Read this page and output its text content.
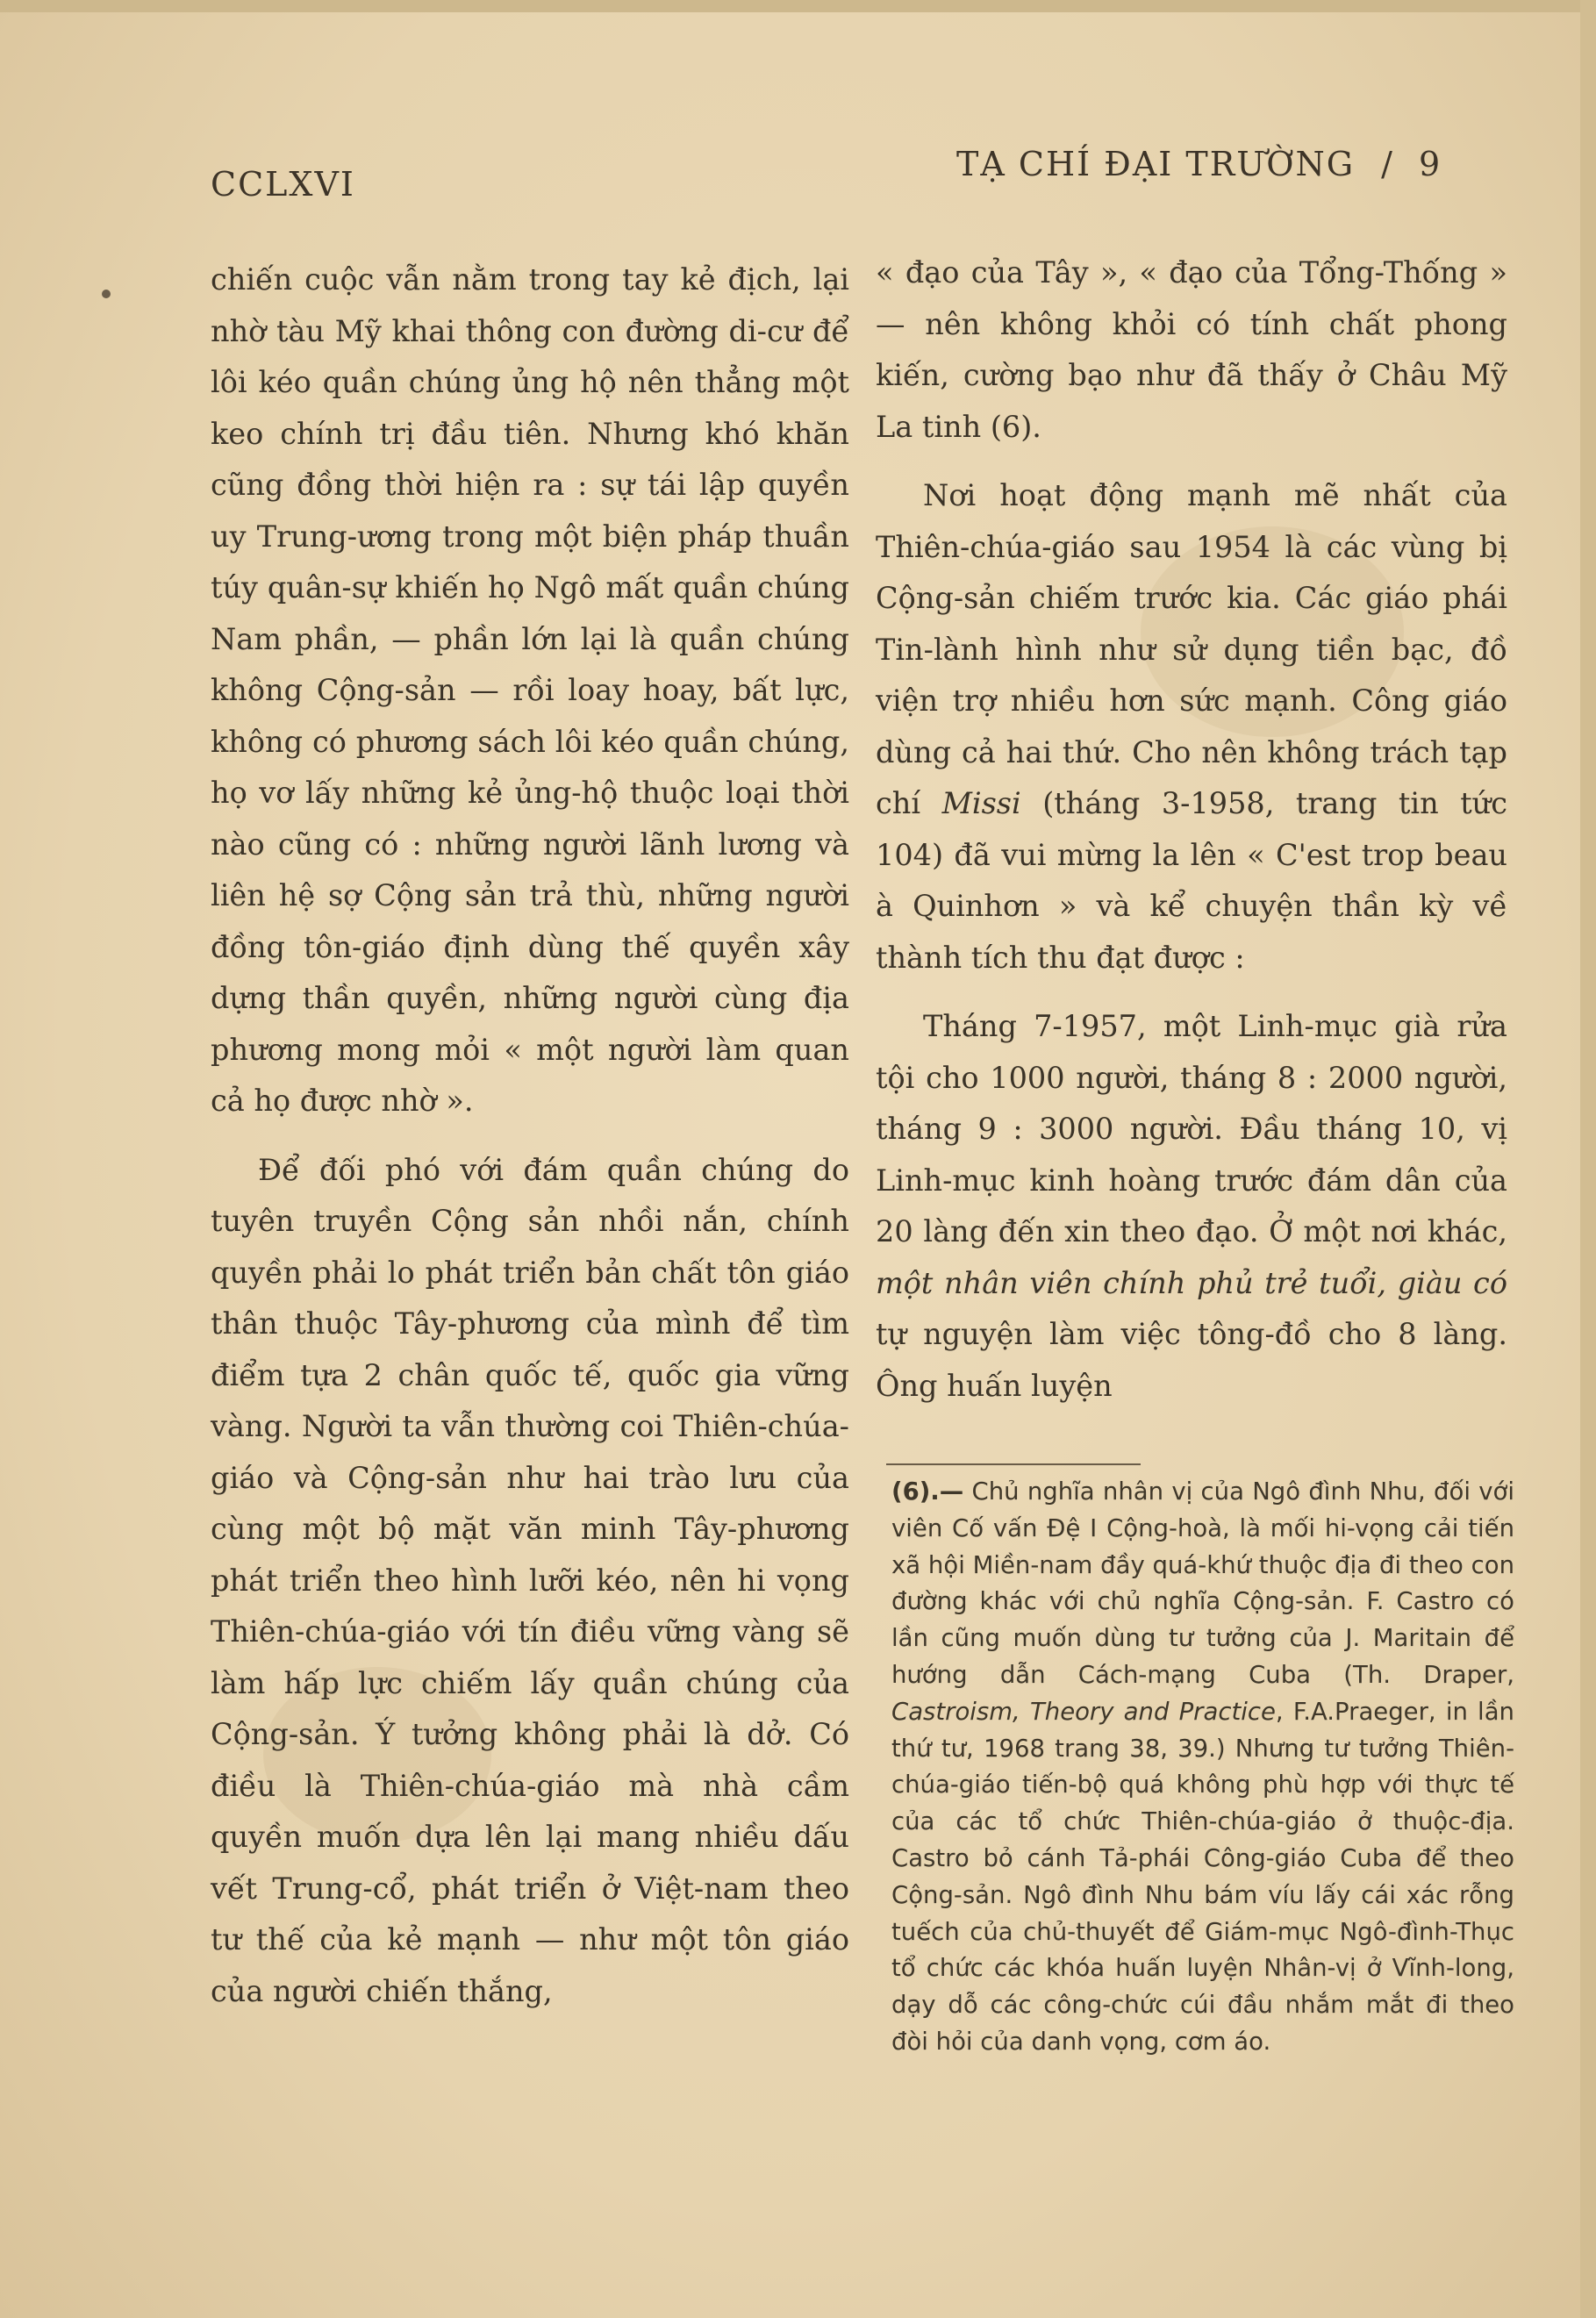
CCLXVI
TẠ CHÍ ĐẠI TRƯỜNG / 9

chiến cuộc vẫn nằm trong tay kẻ địch, lại nhờ tàu Mỹ khai thông con đường di-cư để lôi kéo quần chúng ủng hộ nên thẳng một keo chính trị đầu tiên. Nhưng khó khăn cũng đồng thời hiện ra : sự tái lập quyền uy Trung-ương trong một biện pháp thuần túy quân-sự khiến họ Ngô mất quần chúng Nam phần, — phần lớn lại là quần chúng không Cộng-sản — rồi loay hoay, bất lực, không có phương sách lôi kéo quần chúng, họ vơ lấy những kẻ ủng-hộ thuộc loại thời nào cũng có : những người lãnh lương và liên hệ sợ Cộng sản trả thù, những người đồng tôn-giáo định dùng thế quyền xây dựng thần quyền, những người cùng địa phương mong mỏi « một người làm quan cả họ được nhờ ».

Để đối phó với đám quần chúng do tuyên truyền Cộng sản nhồi nắn, chính quyền phải lo phát triển bản chất tôn giáo thân thuộc Tây-phương của mình để tìm điểm tựa 2 chân quốc tế, quốc gia vững vàng. Người ta vẫn thường coi Thiên-chúa-giáo và Cộng-sản như hai trào lưu của cùng một bộ mặt văn minh Tây-phương phát triển theo hình lưỡi kéo, nên hi vọng Thiên-chúa-giáo với tín điều vững vàng sẽ làm hấp lực chiếm lấy quần chúng của Cộng-sản. Ý tưởng không phải là dở. Có điều là Thiên-chúa-giáo mà nhà cầm quyền muốn dựa lên lại mang nhiều dấu vết Trung-cổ, phát triển ở Việt-nam theo tư thế của kẻ mạnh — như một tôn giáo của người chiến thắng,

« đạo của Tây », « đạo của Tổng-Thống » — nên không khỏi có tính chất phong kiến, cường bạo như đã thấy ở Châu Mỹ La tinh (6).

Nơi hoạt động mạnh mẽ nhất của Thiên-chúa-giáo sau 1954 là các vùng bị Cộng-sản chiếm trước kia. Các giáo phái Tin-lành hình như sử dụng tiền bạc, đồ viện trợ nhiều hơn sức mạnh. Công giáo dùng cả hai thứ. Cho nên không trách tạp chí Missi (tháng 3-1958, trang tin tức 104) đã vui mừng la lên « C'est trop beau à Quinhơn » và kể chuyện thần kỳ về thành tích thu đạt được :

Tháng 7-1957, một Linh-mục già rửa tội cho 1000 người, tháng 8 : 2000 người, tháng 9 : 3000 người. Đầu tháng 10, vị Linh-mục kinh hoàng trước đám dân của 20 làng đến xin theo đạo. Ở một nơi khác, một nhân viên chính phủ trẻ tuổi, giàu có tự nguyện làm việc tông-đồ cho 8 làng. Ông huấn luyện

(6).— Chủ nghĩa nhân vị của Ngô đình Nhu, đối với viên Cố vấn Đệ I Cộng-hoà, là mối hi-vọng cải tiến xã hội Miền-nam đầy quá-khứ thuộc địa đi theo con đường khác với chủ nghĩa Cộng-sản. F. Castro có lần cũng muốn dùng tư tưởng của J. Maritain để hướng dẫn Cách-mạng Cuba (Th. Draper, Castroism, Theory and Practice, F.A.Praeger, in lần thứ tư, 1968 trang 38, 39.) Nhưng tư tưởng Thiên-chúa-giáo tiến-bộ quá không phù hợp với thực tế của các tổ chức Thiên-chúa-giáo ở thuộc-địa. Castro bỏ cánh Tả-phái Công-giáo Cuba để theo Cộng-sản. Ngô đình Nhu bám víu lấy cái xác rỗng tuếch của chủ-thuyết để Giám-mục Ngô-đình-Thục tổ chức các khóa huấn luyện Nhân-vị ở Vĩnh-long, dạy dỗ các công-chức cúi đầu nhắm mắt đi theo đòi hỏi của danh vọng, cơm áo.
